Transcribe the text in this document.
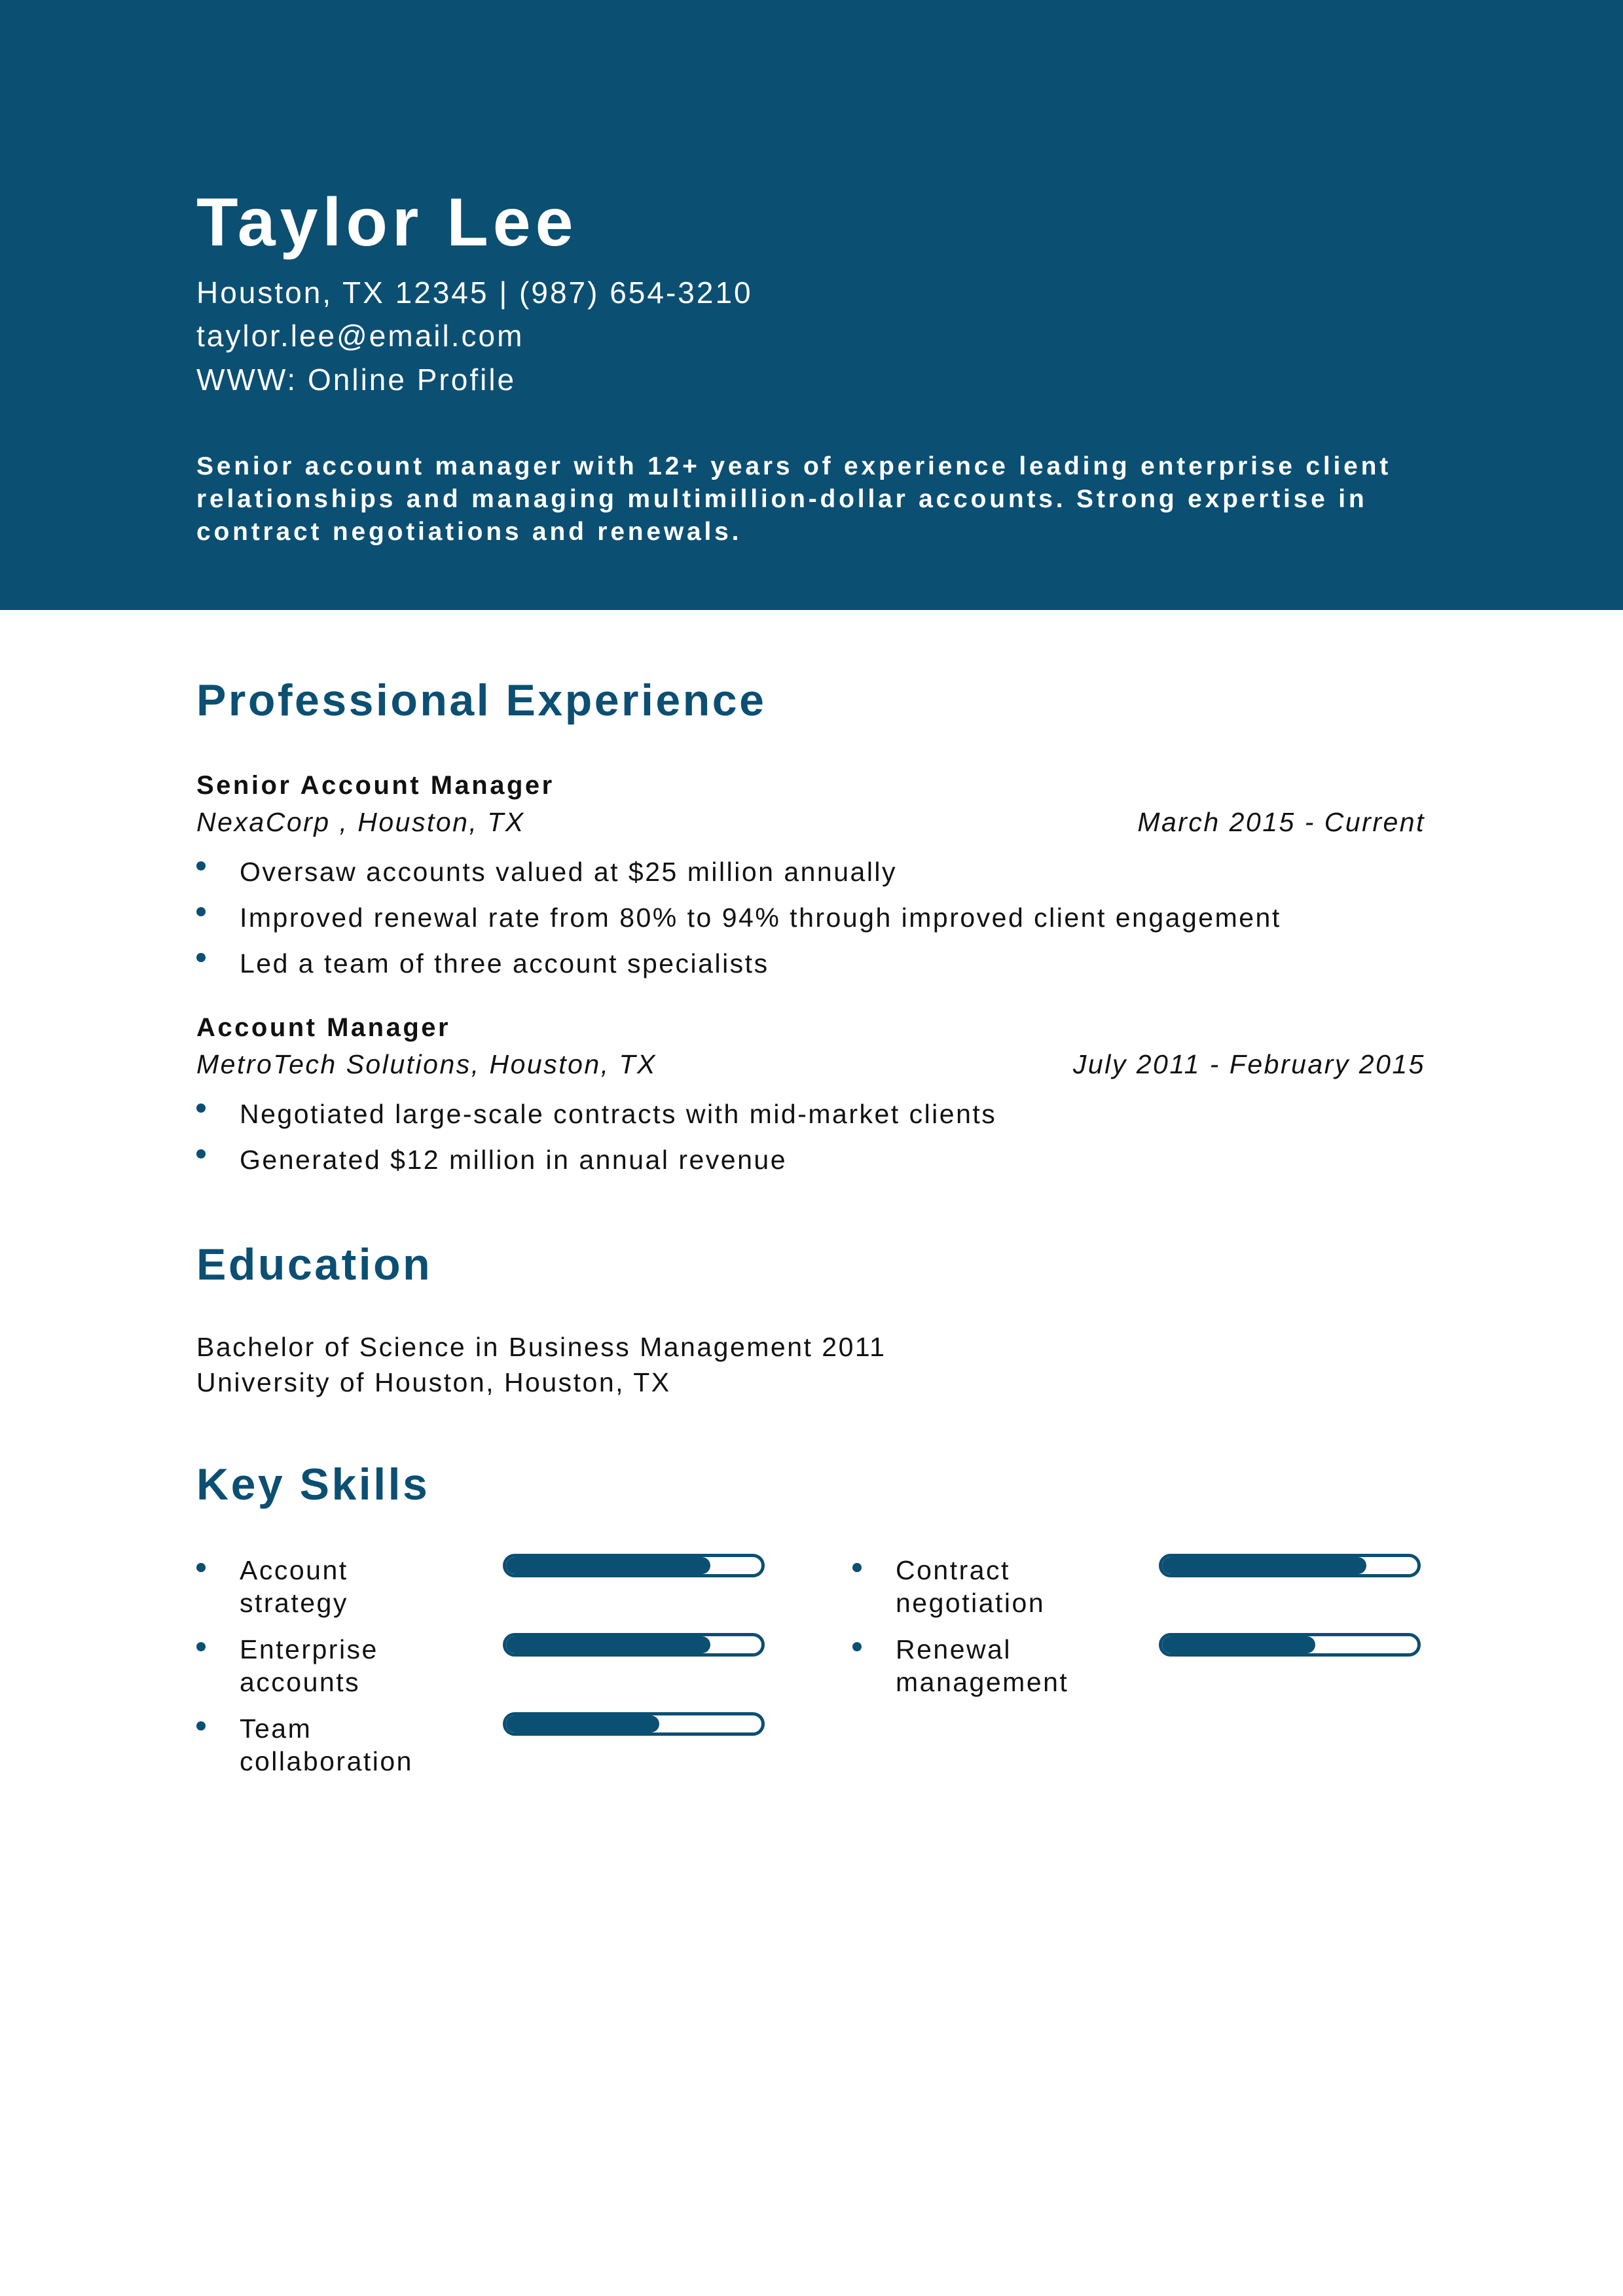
Taylor Lee
Houston, TX 12345 | (987) 654-3210
taylor.lee@email.com
WWW: Online Profile
Senior account manager with 12+ years of experience leading enterprise client relationships and managing multimillion-dollar accounts. Strong expertise in contract negotiations and renewals.
Professional Experience
Senior Account Manager
NexaCorp , Houston, TX	March 2015 - Current
Oversaw accounts valued at $25 million annually
Improved renewal rate from 80% to 94% through improved client engagement
Led a team of three account specialists
Account Manager
MetroTech Solutions, Houston, TX	July 2011 - February 2015
Negotiated large-scale contracts with mid-market clients
Generated $12 million in annual revenue
Education
Bachelor of Science in Business Management 2011
University of Houston, Houston, TX
Key Skills
Account strategy
Contract negotiation
Enterprise accounts
Renewal management
Team collaboration
